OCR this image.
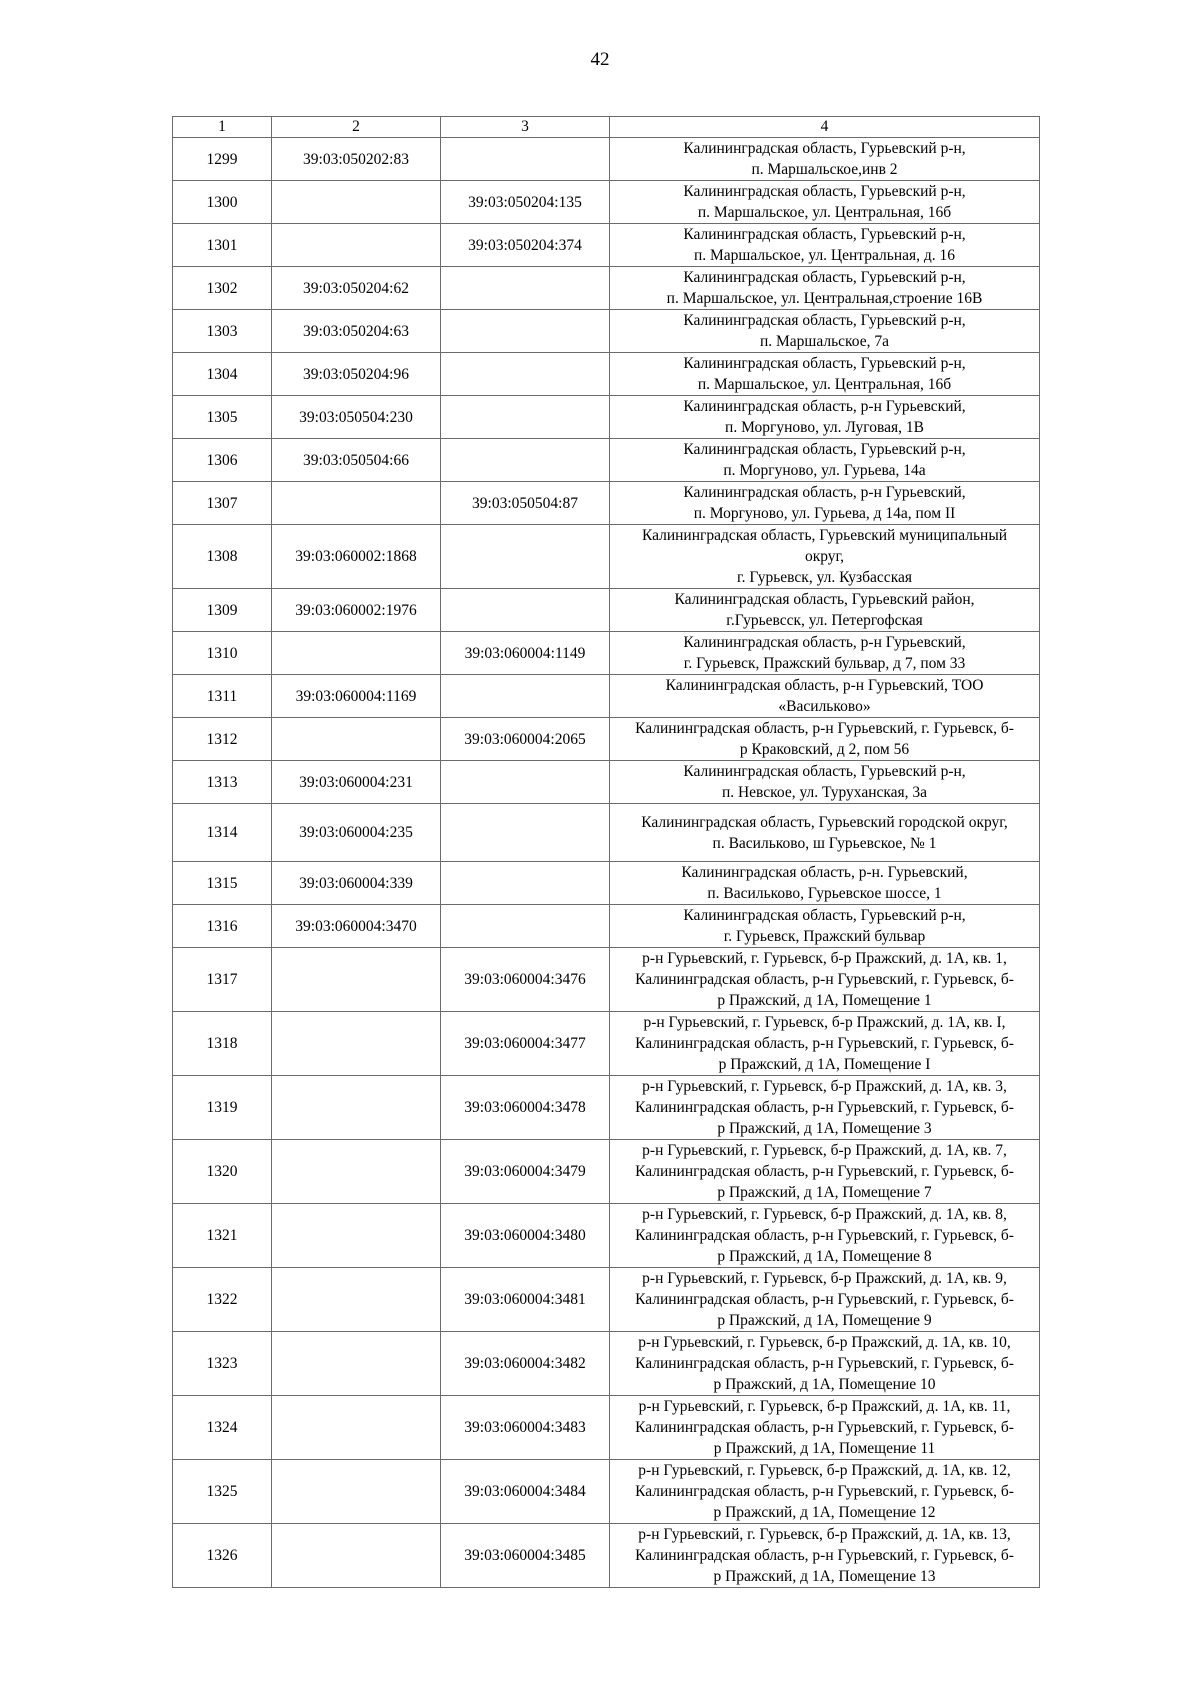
42
1	2	3	4
1299	39:03:050202:83		Калининградская область, Гурьевский р-н,
п. Маршальское,инв 2

1300		39:03:050204:135	Калининградская область, Гурьевский р-н,
п. Маршальское, ул. Центральная, 16б

1301		39:03:050204:374	Калининградская область, Гурьевский р-н,
п. Маршальское, ул. Центральная, д. 16

1302	39:03:050204:62		Калининградская область, Гурьевский р-н,
п. Маршальское, ул. Центральная,строение 16В

1303	39:03:050204:63		Калининградская область, Гурьевский р-н,
п. Маршальское, 7а

1304	39:03:050204:96		Калининградская область, Гурьевский р-н,
п. Маршальское, ул. Центральная, 16б

1305	39:03:050504:230		Калининградская область, р-н Гурьевский,
п. Моргуново, ул. Луговая, 1В

1306	39:03:050504:66		Калининградская область, Гурьевский р-н,
п. Моргуново, ул. Гурьева, 14а

1307		39:03:050504:87	Калининградская область, р-н Гурьевский,
п. Моргуново, ул. Гурьева, д 14а, пом II

1308	39:03:060002:1868		Калининградская область, Гурьевский муниципальный
округ,
г. Гурьевск, ул. Кузбасская

1309	39:03:060002:1976		Калининградская область, Гурьевский район,
г.Гурьевсск, ул. Петергофская

1310		39:03:060004:1149	Калининградская область, р-н Гурьевский,
г. Гурьевск, Пражский бульвар, д 7, пом 33

1311	39:03:060004:1169		Калининградская область, р-н Гурьевский, ТОО
«Васильково»

1312		39:03:060004:2065	Калининградская область, р-н Гурьевский, г. Гурьевск, б-
р Краковский, д 2, пом 56

1313	39:03:060004:231		Калининградская область, Гурьевский р-н,
п. Невское, ул. Туруханская, 3а

1314	39:03:060004:235		Калининградская область, Гурьевский городской округ,
п. Васильково, ш Гурьевское, № 1

1315	39:03:060004:339		Калининградская область, р-н. Гурьевский,
п. Васильково, Гурьевское шоссе, 1

1316	39:03:060004:3470		Калининградская область, Гурьевский р-н,
г. Гурьевск, Пражский бульвар

1317		39:03:060004:3476	р-н Гурьевский, г. Гурьевск, б-р Пражский, д. 1А, кв. 1,
Калининградская область, р-н Гурьевский, г. Гурьевск, б-
р Пражский, д 1А, Помещение 1

1318		39:03:060004:3477	р-н Гурьевский, г. Гурьевск, б-р Пражский, д. 1А, кв. I,
Калининградская область, р-н Гурьевский, г. Гурьевск, б-
р Пражский, д 1А, Помещение I

1319		39:03:060004:3478	р-н Гурьевский, г. Гурьевск, б-р Пражский, д. 1А, кв. 3,
Калининградская область, р-н Гурьевский, г. Гурьевск, б-
р Пражский, д 1А, Помещение 3

1320		39:03:060004:3479	р-н Гурьевский, г. Гурьевск, б-р Пражский, д. 1А, кв. 7,
Калининградская область, р-н Гурьевский, г. Гурьевск, б-
р Пражский, д 1А, Помещение 7

1321		39:03:060004:3480	р-н Гурьевский, г. Гурьевск, б-р Пражский, д. 1А, кв. 8,
Калининградская область, р-н Гурьевский, г. Гурьевск, б-
р Пражский, д 1А, Помещение 8

1322		39:03:060004:3481	р-н Гурьевский, г. Гурьевск, б-р Пражский, д. 1А, кв. 9,
Калининградская область, р-н Гурьевский, г. Гурьевск, б-
р Пражский, д 1А, Помещение 9

1323		39:03:060004:3482	р-н Гурьевский, г. Гурьевск, б-р Пражский, д. 1А, кв. 10,
Калининградская область, р-н Гурьевский, г. Гурьевск, б-
р Пражский, д 1А, Помещение 10

1324		39:03:060004:3483	р-н Гурьевский, г. Гурьевск, б-р Пражский, д. 1А, кв. 11,
Калининградская область, р-н Гурьевский, г. Гурьевск, б-
р Пражский, д 1А, Помещение 11

1325		39:03:060004:3484	р-н Гурьевский, г. Гурьевск, б-р Пражский, д. 1А, кв. 12,
Калининградская область, р-н Гурьевский, г. Гурьевск, б-
р Пражский, д 1А, Помещение 12

1326		39:03:060004:3485	р-н Гурьевский, г. Гурьевск, б-р Пражский, д. 1А, кв. 13,
Калининградская область, р-н Гурьевский, г. Гурьевск, б-
р Пражский, д 1А, Помещение 13
